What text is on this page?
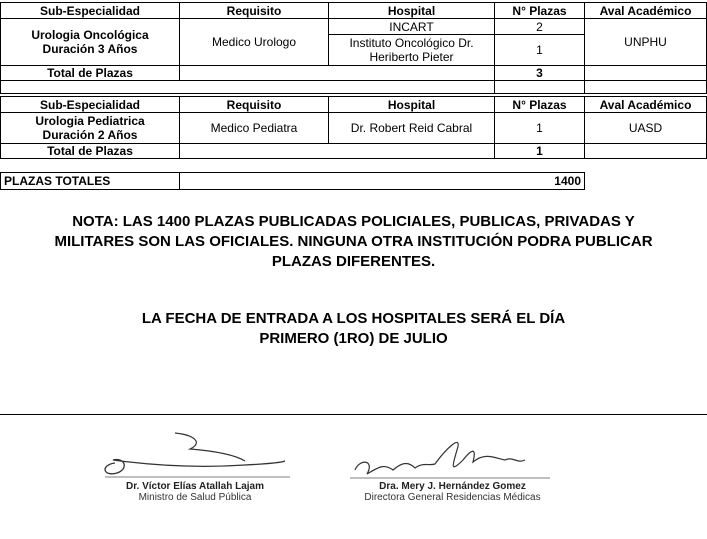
Sub-Especialidad	Requisito	Hospital	N° Plazas	Aval Académico

Urologia Oncológica
Duración 3 Años	Medico Urologo	INCART	2	UNPHU
		Instituto Oncológico Dr. Heriberto Pieter	1	
Total de Plazas			3	

Sub-Especialidad	Requisito	Hospital	N° Plazas	Aval Académico

Urologia Pediatrica
Duración 2 Años	Medico Pediatra	Dr. Robert Reid Cabral	1	UASD
Total de Plazas			1	
PLAZAS TOTALES	1400
NOTA: LAS 1400 PLAZAS PUBLICADAS POLICIALES, PUBLICAS, PRIVADAS Y
MILITARES SON LAS OFICIALES. NINGUNA OTRA INSTITUCIÓN PODRA PUBLICAR
PLAZAS DIFERENTES.
LA FECHA DE ENTRADA A LOS HOSPITALES SERÁ EL DÍA
PRIMERO (1RO) DE JULIO
Dr. Víctor Elías Atallah Lajam
Ministro de Salud Pública
Dra. Mery J. Hernández Gomez
Directora General Residencias Médicas
